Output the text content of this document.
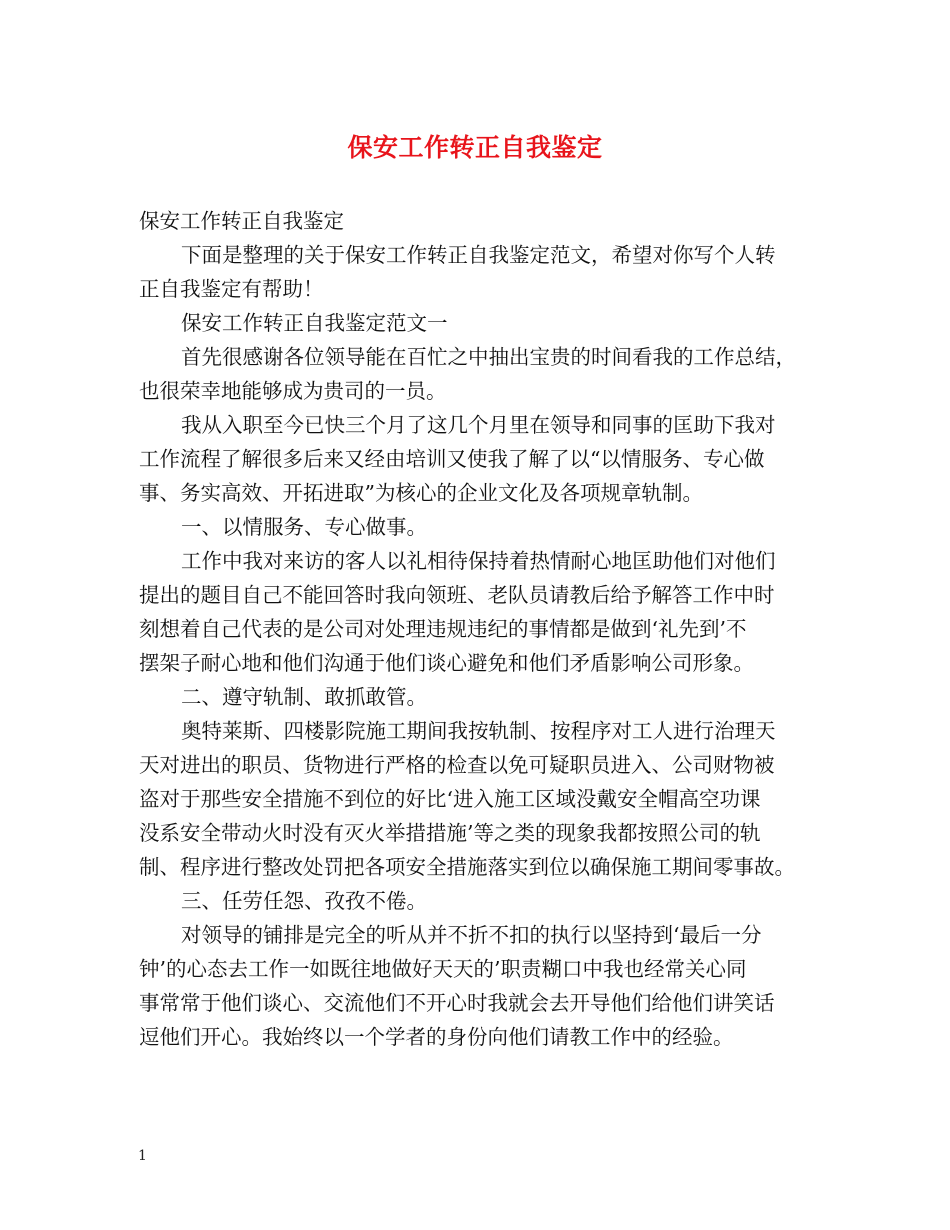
保安工作转正自我鉴定
保安工作转正自我鉴定
下面是整理的关于保安工作转正自我鉴定范文，希望对你写个人转
正自我鉴定有帮助！
保安工作转正自我鉴定范文一
首先很感谢各位领导能在百忙之中抽出宝贵的时间看我的工作总结，
也很荣幸地能够成为贵司的一员。
我从入职至今已快三个月了这几个月里在领导和同事的匡助下我对
工作流程了解很多后来又经由培训又使我了解了以“以情服务、专心做
事、务实高效、开拓进取”为核心的企业文化及各项规章轨制。
一、以情服务、专心做事。
工作中我对来访的客人以礼相待保持着热情耐心地匡助他们对他们
提出的题目自己不能回答时我向领班、老队员请教后给予解答工作中时
刻想着自己代表的是公司对处理违规违纪的事情都是做到‘礼先到’不
摆架子耐心地和他们沟通于他们谈心避免和他们矛盾影响公司形象。
二、遵守轨制、敢抓敢管。
奥特莱斯、四楼影院施工期间我按轨制、按程序对工人进行治理天
天对进出的职员、货物进行严格的检查以免可疑职员进入、公司财物被
盗对于那些安全措施不到位的好比‘进入施工区域没戴安全帽高空功课
没系安全带动火时没有灭火举措措施’等之类的现象我都按照公司的轨
制、程序进行整改处罚把各项安全措施落实到位以确保施工期间零事故。
三、任劳任怨、孜孜不倦。
对领导的铺排是完全的听从并不折不扣的执行以坚持到‘最后一分
钟’的心态去工作一如既往地做好天天的’职责糊口中我也经常关心同
事常常于他们谈心、交流他们不开心时我就会去开导他们给他们讲笑话
逗他们开心。我始终以一个学者的身份向他们请教工作中的经验。
1
